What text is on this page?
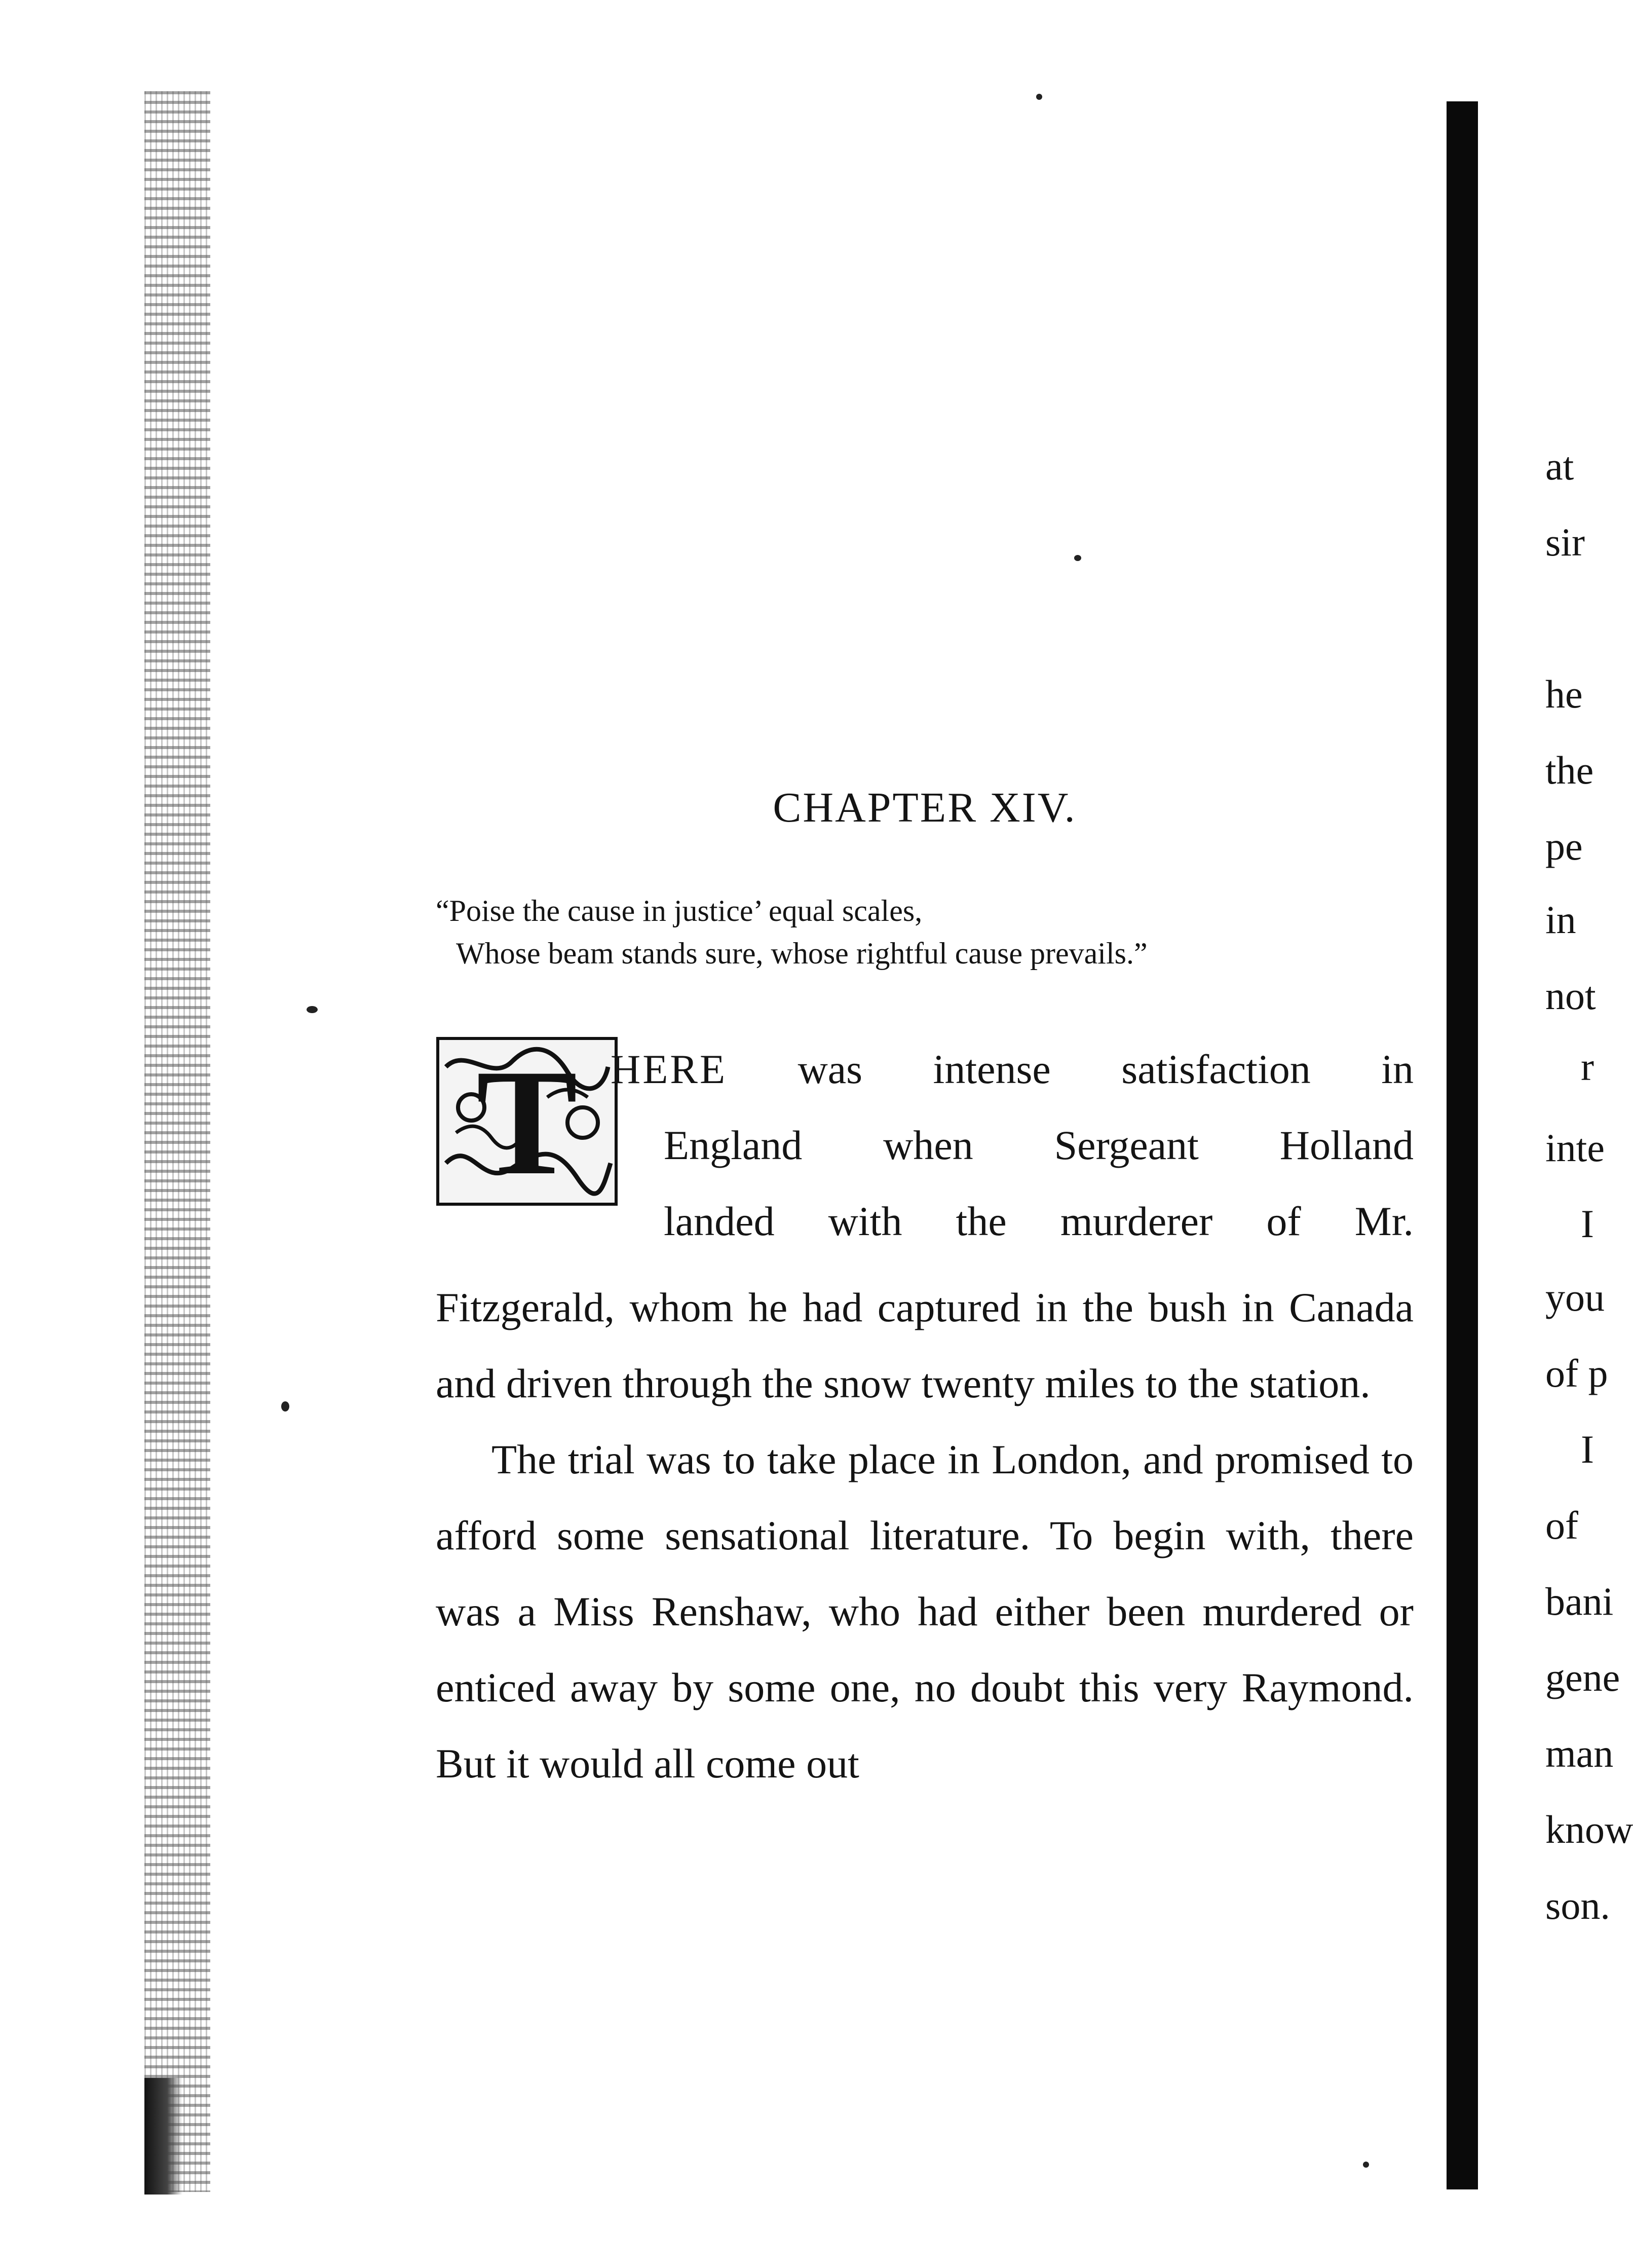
CHAPTER XIV.
“Poise the cause in justice’ equal scales,
Whose beam stands sure, whose rightful cause prevails.”
T HERE was intense satisfaction in
England when Sergeant Holland
landed with the murderer of Mr.

Fitzgerald, whom he had captured in the bush in Canada and driven through the snow twenty miles to the station.

The trial was to take place in London, and promised to afford some sensational literature. To begin with, there was a Miss Renshaw, who had either been murdered or enticed away by some one, no doubt this very Raymond. But it would all come out

at
sir
he
the
pe
in
not
r
inte
I
you
of p
I
of
bani
gene
man
know
son.
